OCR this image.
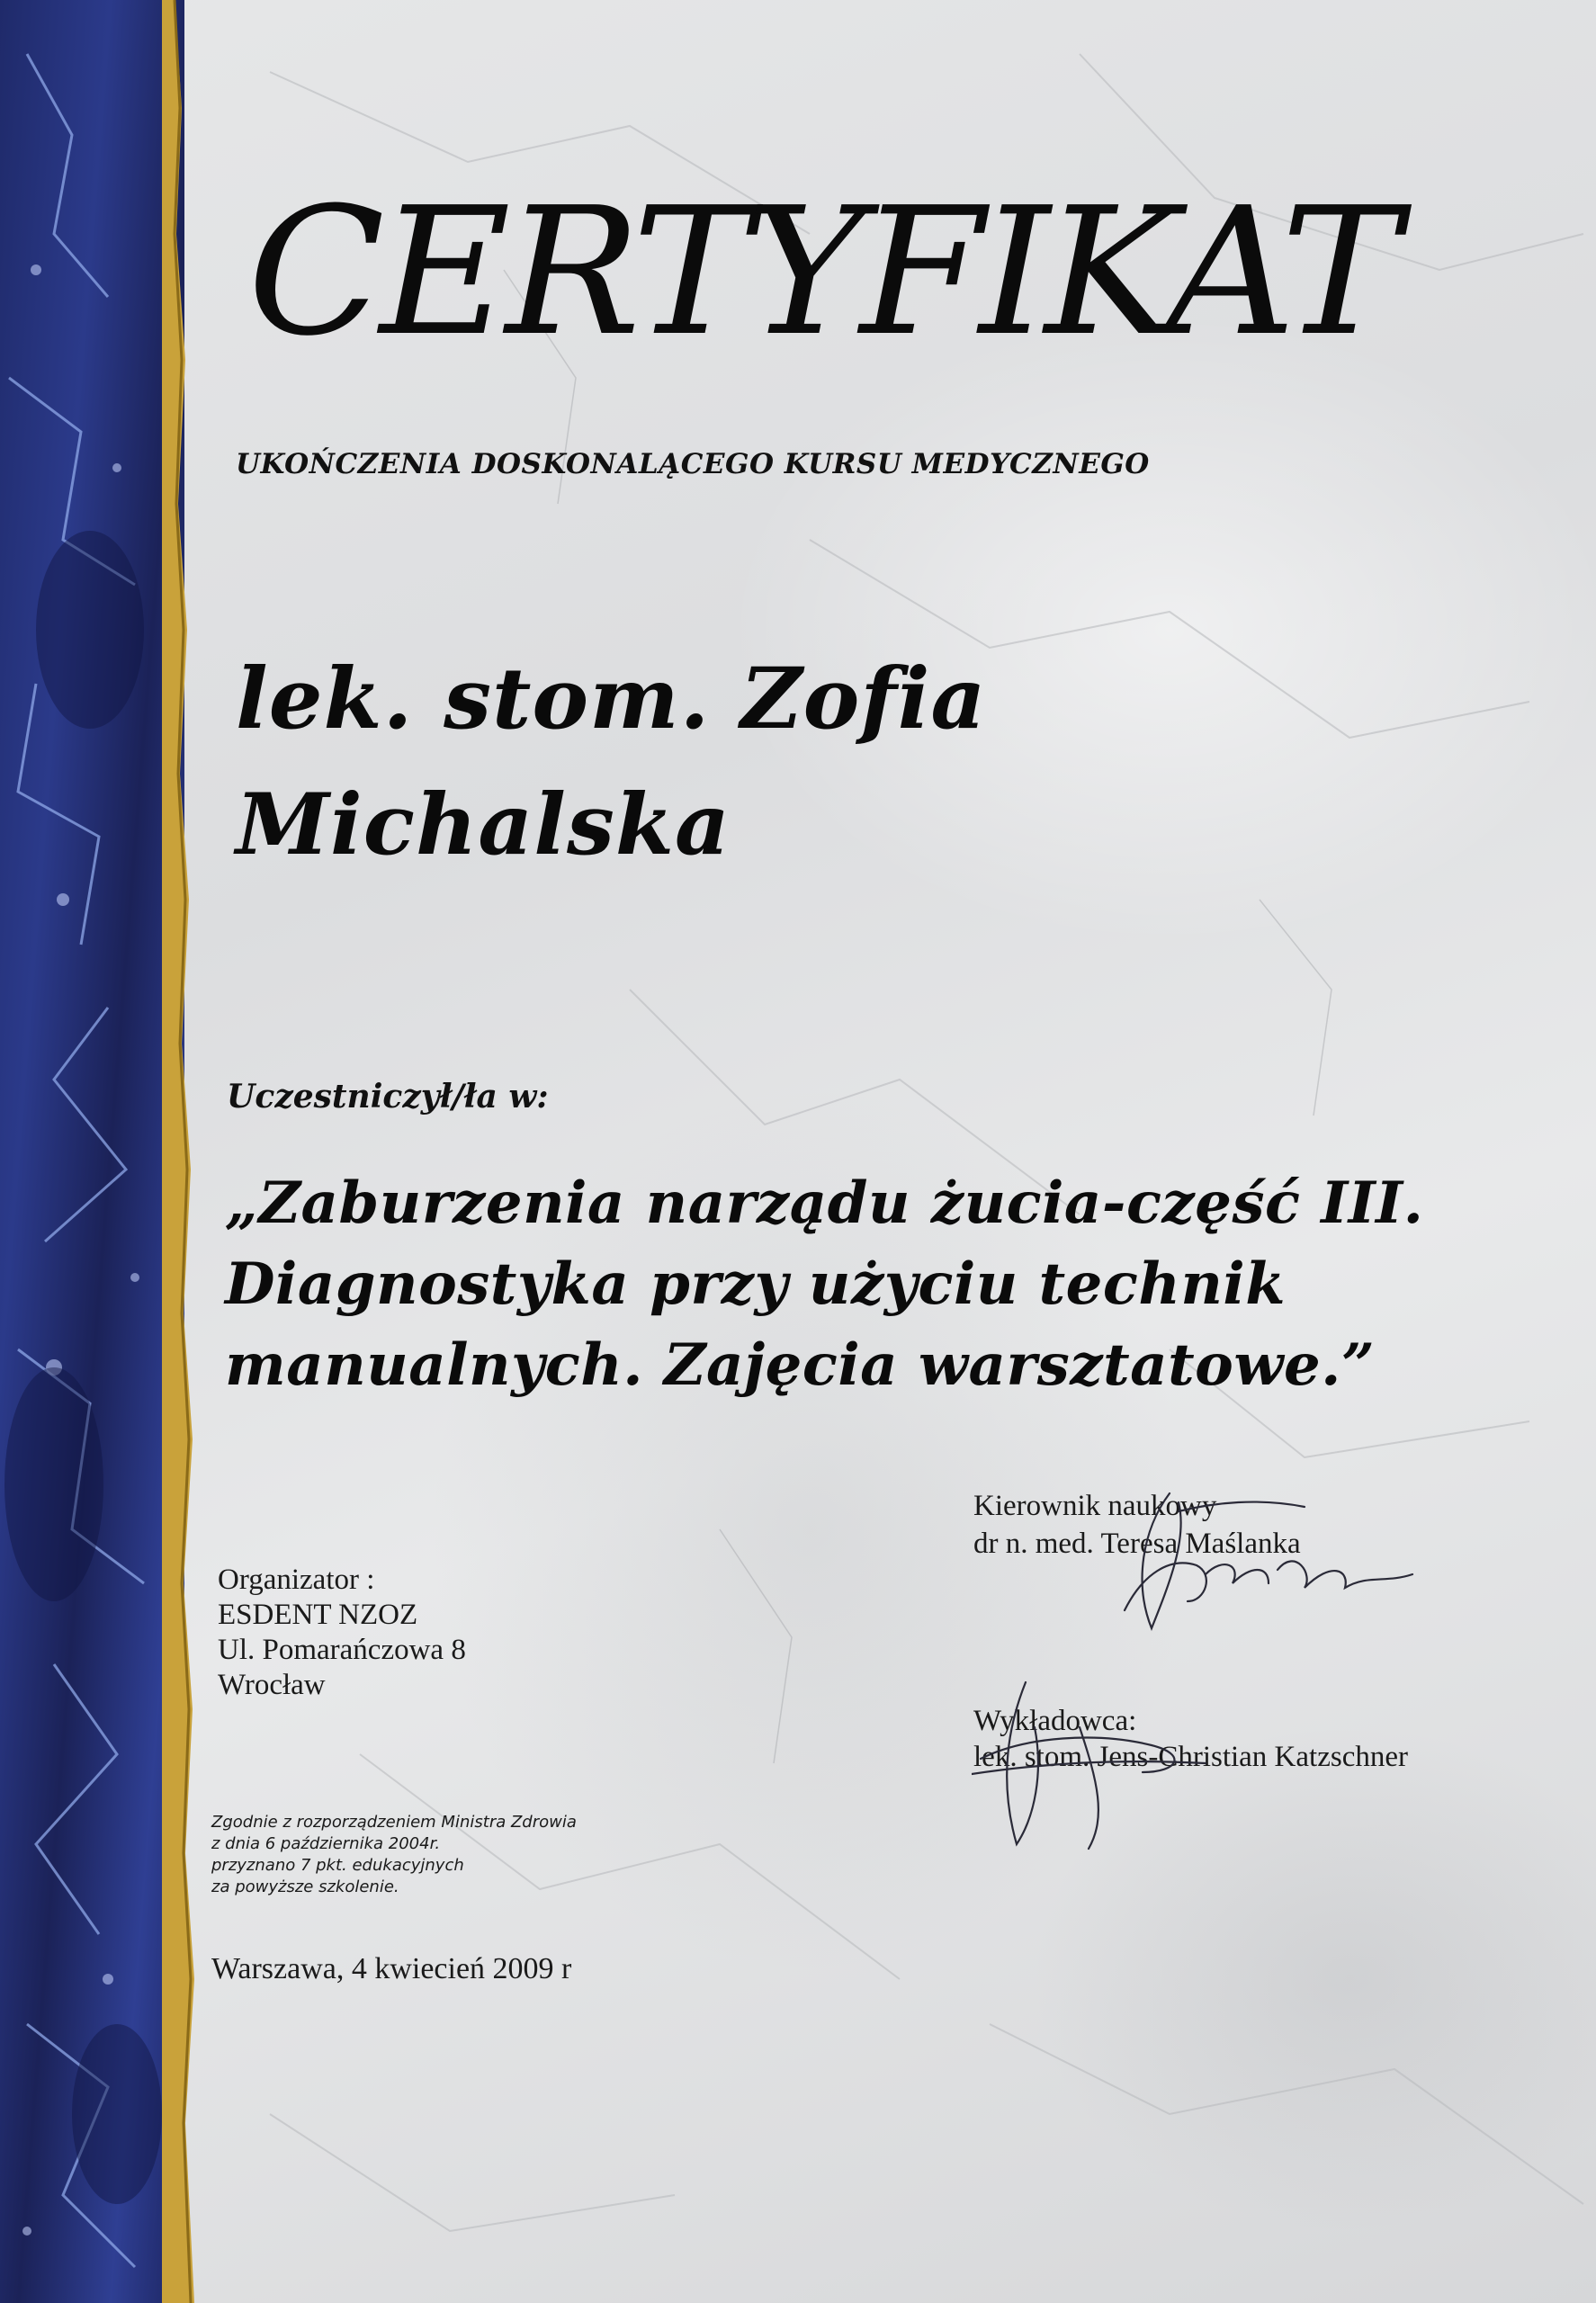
CERTYFIKAT
UKOŃCZENIA DOSKONALĄCEGO KURSU MEDYCZNEGO
lek. stom. Zofia
Michalska
Uczestniczył/ła w:
„Zaburzenia narządu żucia-część III.
Diagnostyka przy użyciu technik
manualnych. Zajęcia warsztatowe.”
Kierownik naukowy
dr n. med. Teresa Maślanka
Organizator :
ESDENT NZOZ
Ul. Pomarańczowa 8
Wrocław
Wykładowca:
lek. stom. Jens-Christian Katzschner
Zgodnie z rozporządzeniem Ministra Zdrowia
z dnia 6 października 2004r.
przyznano 7 pkt. edukacyjnych
za powyższe szkolenie.
Warszawa, 4 kwiecień 2009 r
